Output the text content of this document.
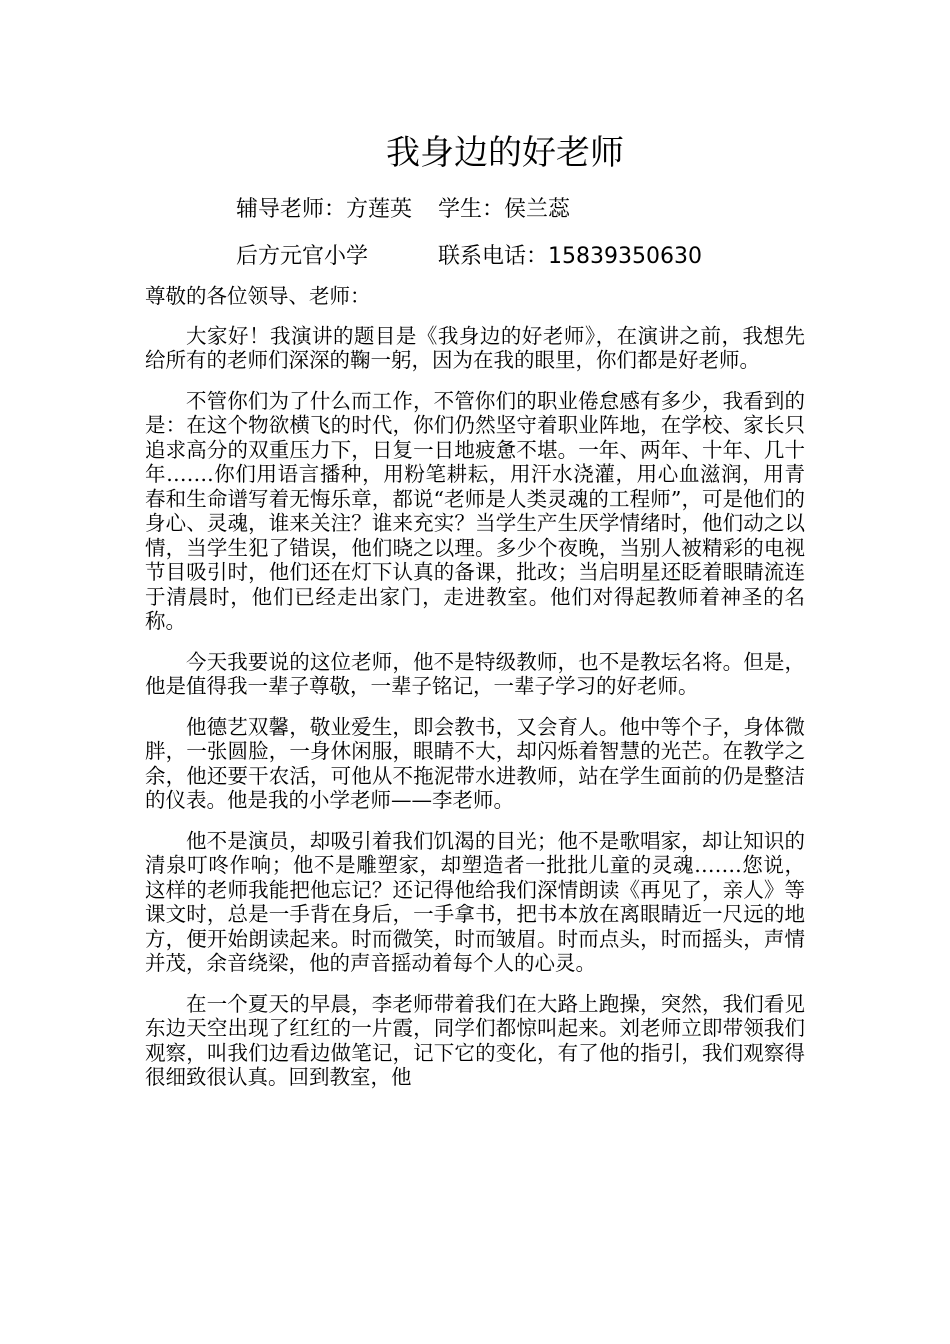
我身边的好老师
辅导老师：方莲英 学生：侯兰蕊
后方元官小学	联系电话：15839350630

尊敬的各位领导、老师：

大家好！我演讲的题目是《我身边的好老师》，在演讲之前，我想先给所有的老师们深深的鞠一躬，因为在我的眼里，你们都是好老师。

不管你们为了什么而工作，不管你们的职业倦怠感有多少，我看到的是：在这个物欲横飞的时代，你们仍然坚守着职业阵地，在学校、家长只追求高分的双重压力下，日复一日地疲惫不堪。一年、两年、十年、几十年…….你们用语言播种，用粉笔耕耘，用汗水浇灌，用心血滋润，用青春和生命谱写着无悔乐章，都说“老师是人类灵魂的工程师”，可是他们的身心、灵魂，谁来关注？谁来充实？当学生产生厌学情绪时，他们动之以情，当学生犯了错误，他们晓之以理。多少个夜晚，当别人被精彩的电视节目吸引时，他们还在灯下认真的备课，批改；当启明星还眨着眼睛流连于清晨时，他们已经走出家门，走进教室。他们对得起教师着神圣的名称。

今天我要说的这位老师，他不是特级教师，也不是教坛名将。但是，他是值得我一辈子尊敬，一辈子铭记，一辈子学习的好老师。

他德艺双馨，敬业爱生，即会教书，又会育人。他中等个子，身体微胖，一张圆脸，一身休闲服，眼睛不大，却闪烁着智慧的光芒。在教学之余，他还要干农活，可他从不拖泥带水进教师，站在学生面前的仍是整洁的仪表。他是我的小学老师——李老师。

他不是演员，却吸引着我们饥渴的目光；他不是歌唱家，却让知识的清泉叮咚作响；他不是雕塑家，却塑造者一批批儿童的灵魂…….您说，这样的老师我能把他忘记？还记得他给我们深情朗读《再见了，亲人》等课文时，总是一手背在身后，一手拿书，把书本放在离眼睛近一尺远的地方，便开始朗读起来。时而微笑，时而皱眉。时而点头，时而摇头，声情并茂，余音绕梁，他的声音摇动着每个人的心灵。

在一个夏天的早晨，李老师带着我们在大路上跑操，突然，我们看见东边天空出现了红红的一片霞，同学们都惊叫起来。刘老师立即带领我们观察，叫我们边看边做笔记，记下它的变化，有了他的指引，我们观察得很细致很认真。回到教室，他
